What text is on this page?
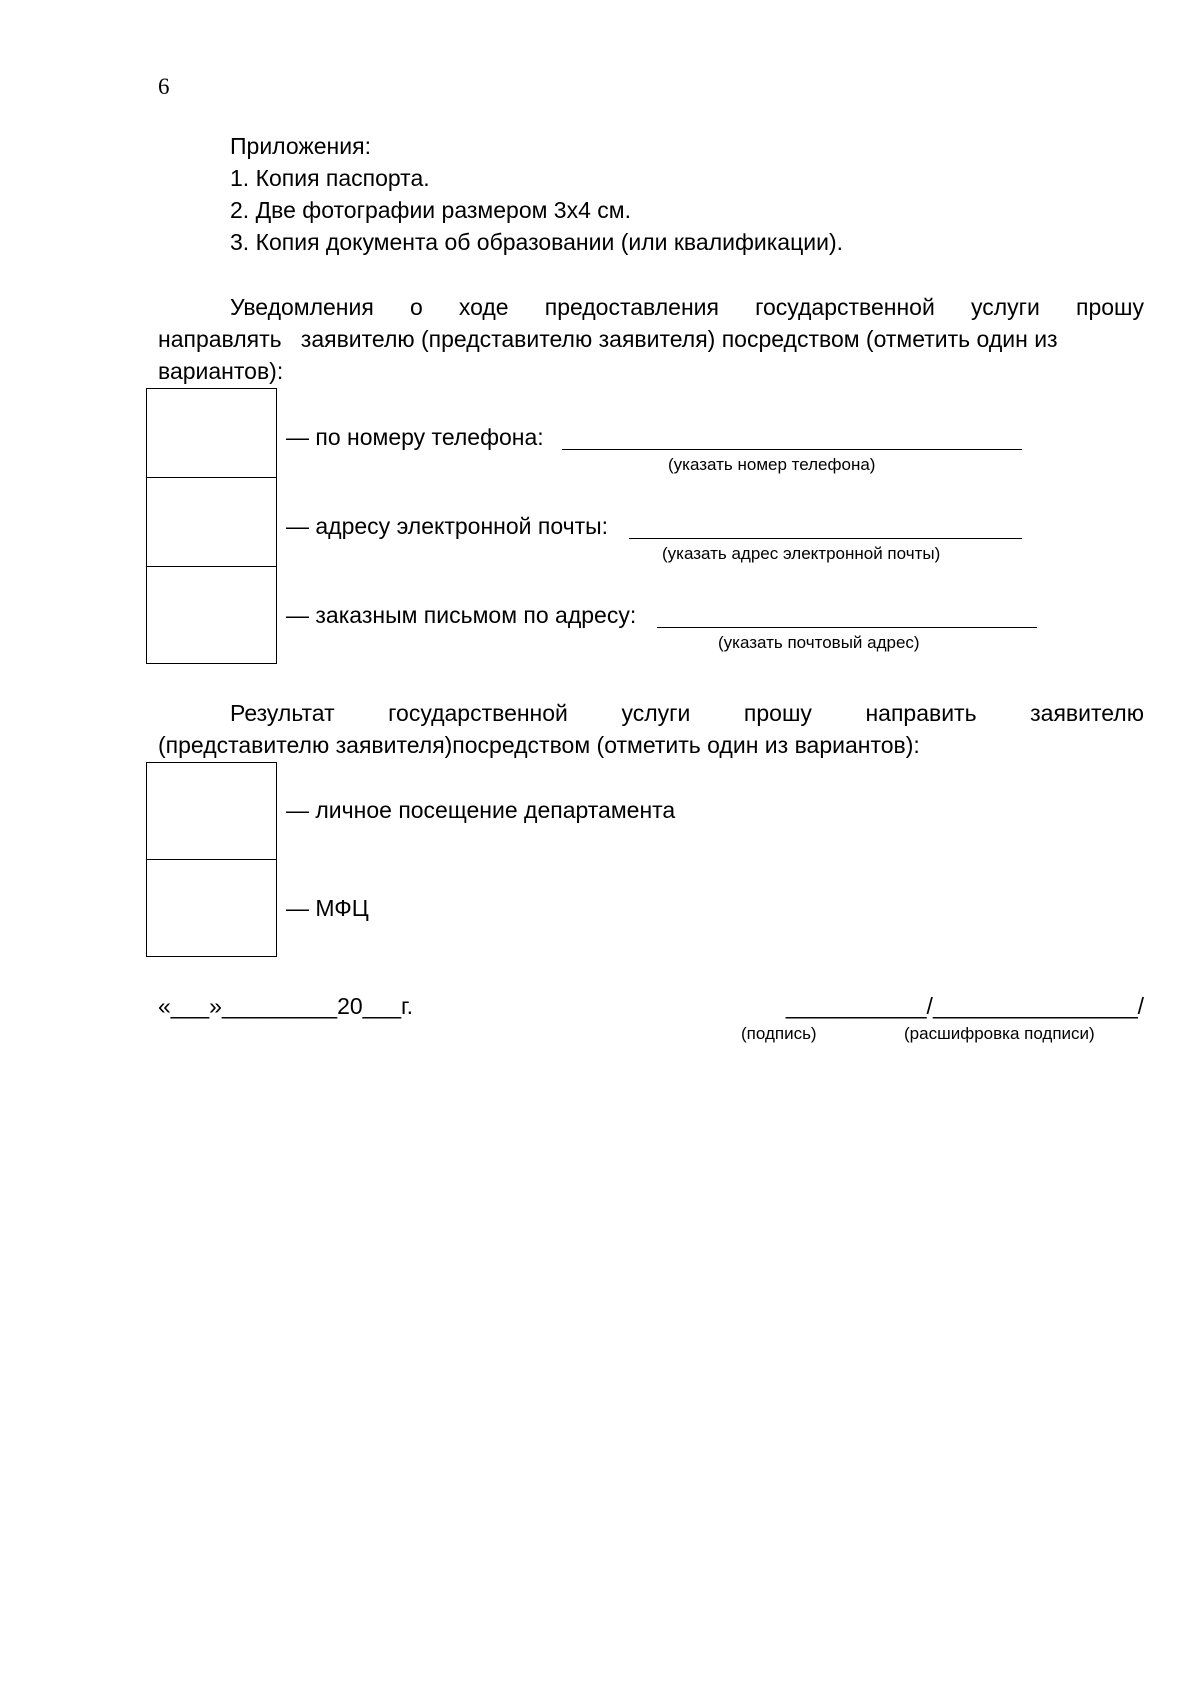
6
Приложения:
1. Копия паспорта.
2. Две фотографии размером 3х4 см.
3. Копия документа об образовании (или квалификации).
Уведомления о ходе предоставления государственной услуги прошу
направлять   заявителю (представителю заявителя) посредством (отметить один из
вариантов):
— по номеру телефона:
(указать номер телефона)
— адресу электронной почты:
(указать адрес электронной почты)
— заказным письмом по адресу:
(указать почтовый адрес)
Результат государственной услуги прошу направить заявителю
(представителю заявителя)посредством (отметить один из вариантов):
— личное посещение департамента
— МФЦ
«___»_________20___г.	___________/________________/
(подпись)	(расшифровка подписи)
